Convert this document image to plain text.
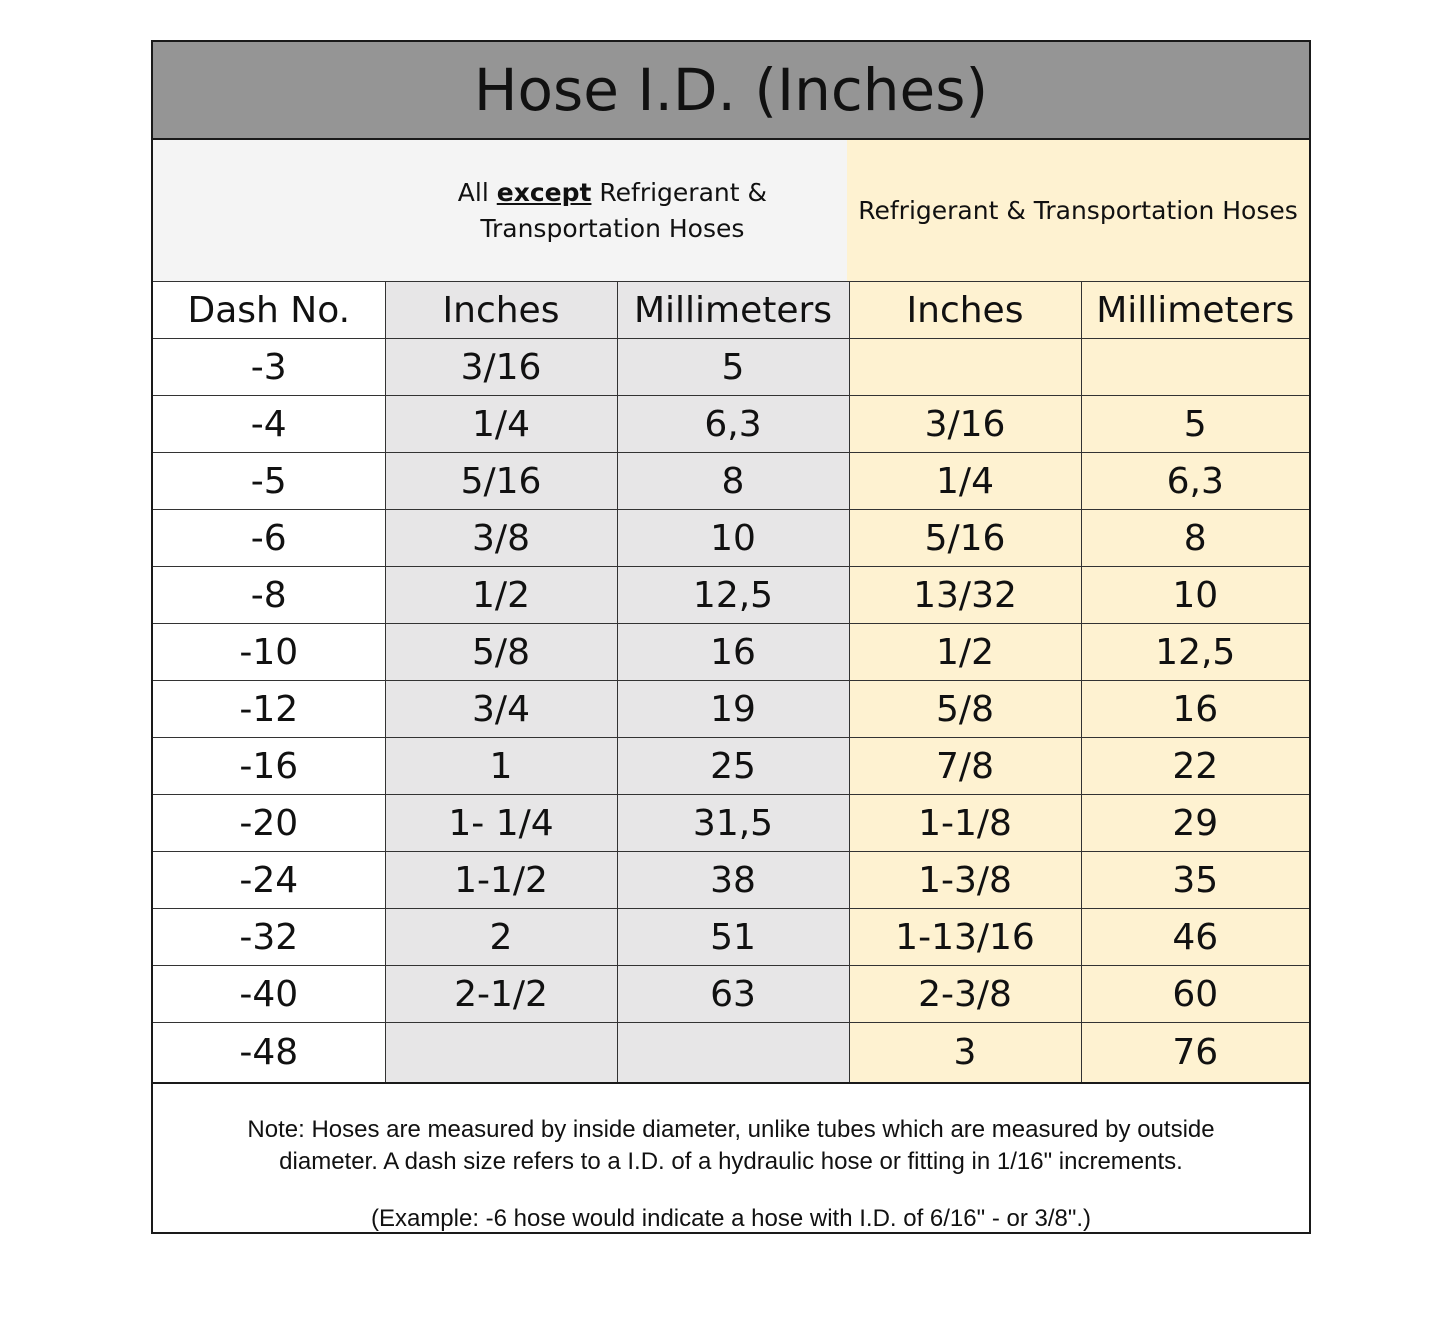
Hose I.D. (Inches)
All except Refrigerant &
Transportation Hoses
Refrigerant & Transportation Hoses
Dash No.	Inches	Millimeters	Inches	Millimeters
-3	3/16	5		
-4	1/4	6,3	3/16	5
-5	5/16	8	1/4	6,3
-6	3/8	10	5/16	8
-8	1/2	12,5	13/32	10
-10	5/8	16	1/2	12,5
-12	3/4	19	5/8	16
-16	1	25	7/8	22
-20	1- 1/4	31,5	1-1/8	29
-24	1-1/2	38	1-3/8	35
-32	2	51	1-13/16	46
-40	2-1/2	63	2-3/8	60
-48			3	76
Note: Hoses are measured by inside diameter, unlike tubes which are measured by outside
diameter. A dash size refers to a I.D. of a hydraulic hose or fitting in 1/16" increments.
(Example: -6 hose would indicate a hose with I.D. of 6/16" - or 3/8".)
